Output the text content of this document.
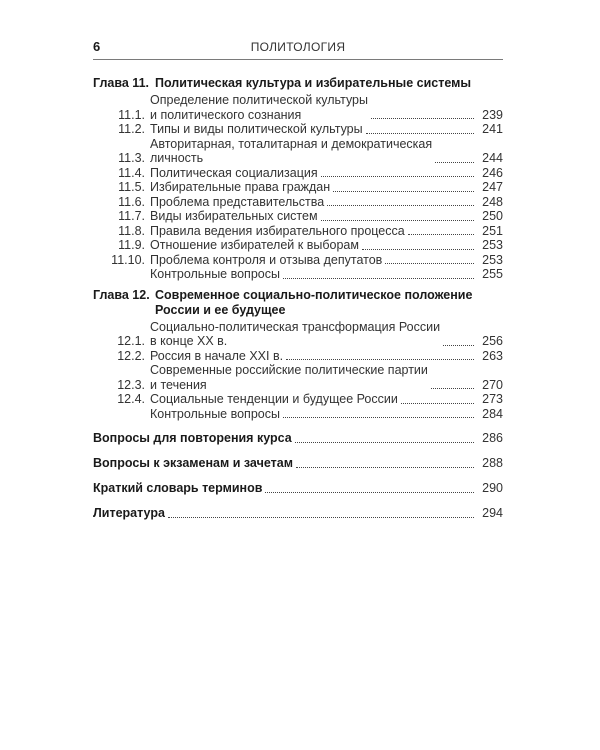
6	ПОЛИТОЛОГИЯ
Глава 11. Политическая культура и избирательные системы
11.1.
Определение политической культуры
и политического сознания	239
11.2. Типы и виды политической культуры	241
11.3.
Авторитарная, тоталитарная и демократическая
личность	244
11.4. Политическая социализация	246
11.5. Избирательные права граждан	247
11.6. Проблема представительства	248
11.7. Виды избирательных систем	250
11.8. Правила ведения избирательного процесса	251
11.9. Отношение избирателей к выборам	253
11.10. Проблема контроля и отзыва депутатов	253
Контрольные вопросы	255
Глава 12. Современное социально-политическое положение России и ее будущее
12.1.
Социально-политическая трансформация России
в конце XX в.	256
12.2. Россия в начале XXI в.	263
12.3.
Современные российские политические партии
и течения	270
12.4. Социальные тенденции и будущее России	273
Контрольные вопросы	284
Вопросы для повторения курса	286
Вопросы к экзаменам и зачетам	288
Краткий словарь терминов	290
Литература	294
